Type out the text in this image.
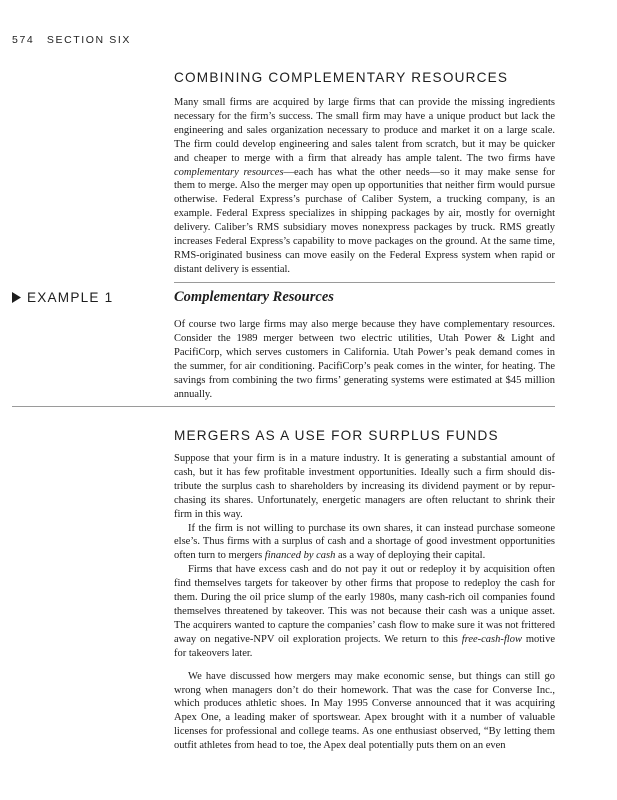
574 SECTION SIX
COMBINING COMPLEMENTARY RESOURCES

Many small firms are acquired by large firms that can provide the missing ingredients necessary for the firm’s success. The small firm may have a unique product but lack the engineering and sales organization necessary to produce and market it on a large scale. The firm could develop engineering and sales talent from scratch, but it may be quicker and cheaper to merge with a firm that already has ample talent. The two firms have complementary resources—each has what the other needs—so it may make sense for them to merge. Also the merger may open up opportunities that neither firm would pursue otherwise. Federal Express’s purchase of Caliber System, a trucking company, is an example. Federal Express specializes in shipping packages by air, mostly for overnight delivery. Caliber’s RMS subsidiary moves nonexpress packages by truck. RMS greatly increases Federal Express’s capability to move packages on the ground. At the same time, RMS-originated business can move easily on the Federal Express system when rapid or distant delivery is essential.

EXAMPLE 1	Complementary Resources

Of course two large firms may also merge because they have complementary resources. Consider the 1989 merger between two electric utilities, Utah Power & Light and PacifiCorp, which serves customers in California. Utah Power’s peak demand comes in the summer, for air conditioning. PacifiCorp’s peak comes in the winter, for heating. The savings from combining the two firms’ generating systems were estimated at $45 million annually.

MERGERS AS A USE FOR SURPLUS FUNDS

Suppose that your firm is in a mature industry. It is generating a substantial amount of cash, but it has few profitable investment opportunities. Ideally such a firm should distribute the surplus cash to shareholders by increasing its dividend payment or by repurchasing its shares. Unfortunately, energetic managers are often reluctant to shrink their firm in this way.

If the firm is not willing to purchase its own shares, it can instead purchase someone else’s. Thus firms with a surplus of cash and a shortage of good investment opportunities often turn to mergers financed by cash as a way of deploying their capital.

Firms that have excess cash and do not pay it out or redeploy it by acquisition often find themselves targets for takeover by other firms that propose to redeploy the cash for them. During the oil price slump of the early 1980s, many cash-rich oil companies found themselves threatened by takeover. This was not because their cash was a unique asset. The acquirers wanted to capture the companies’ cash flow to make sure it was not frittered away on negative-NPV oil exploration projects. We return to this free-cash-flow motive for takeovers later.

We have discussed how mergers may make economic sense, but things can still go wrong when managers don’t do their homework. That was the case for Converse Inc., which produces athletic shoes. In May 1995 Converse announced that it was acquiring Apex One, a leading maker of sportswear. Apex brought with it a number of valuable licenses for professional and college teams. As one enthusiast observed, “By letting them outfit athletes from head to toe, the Apex deal potentially puts them on an even
